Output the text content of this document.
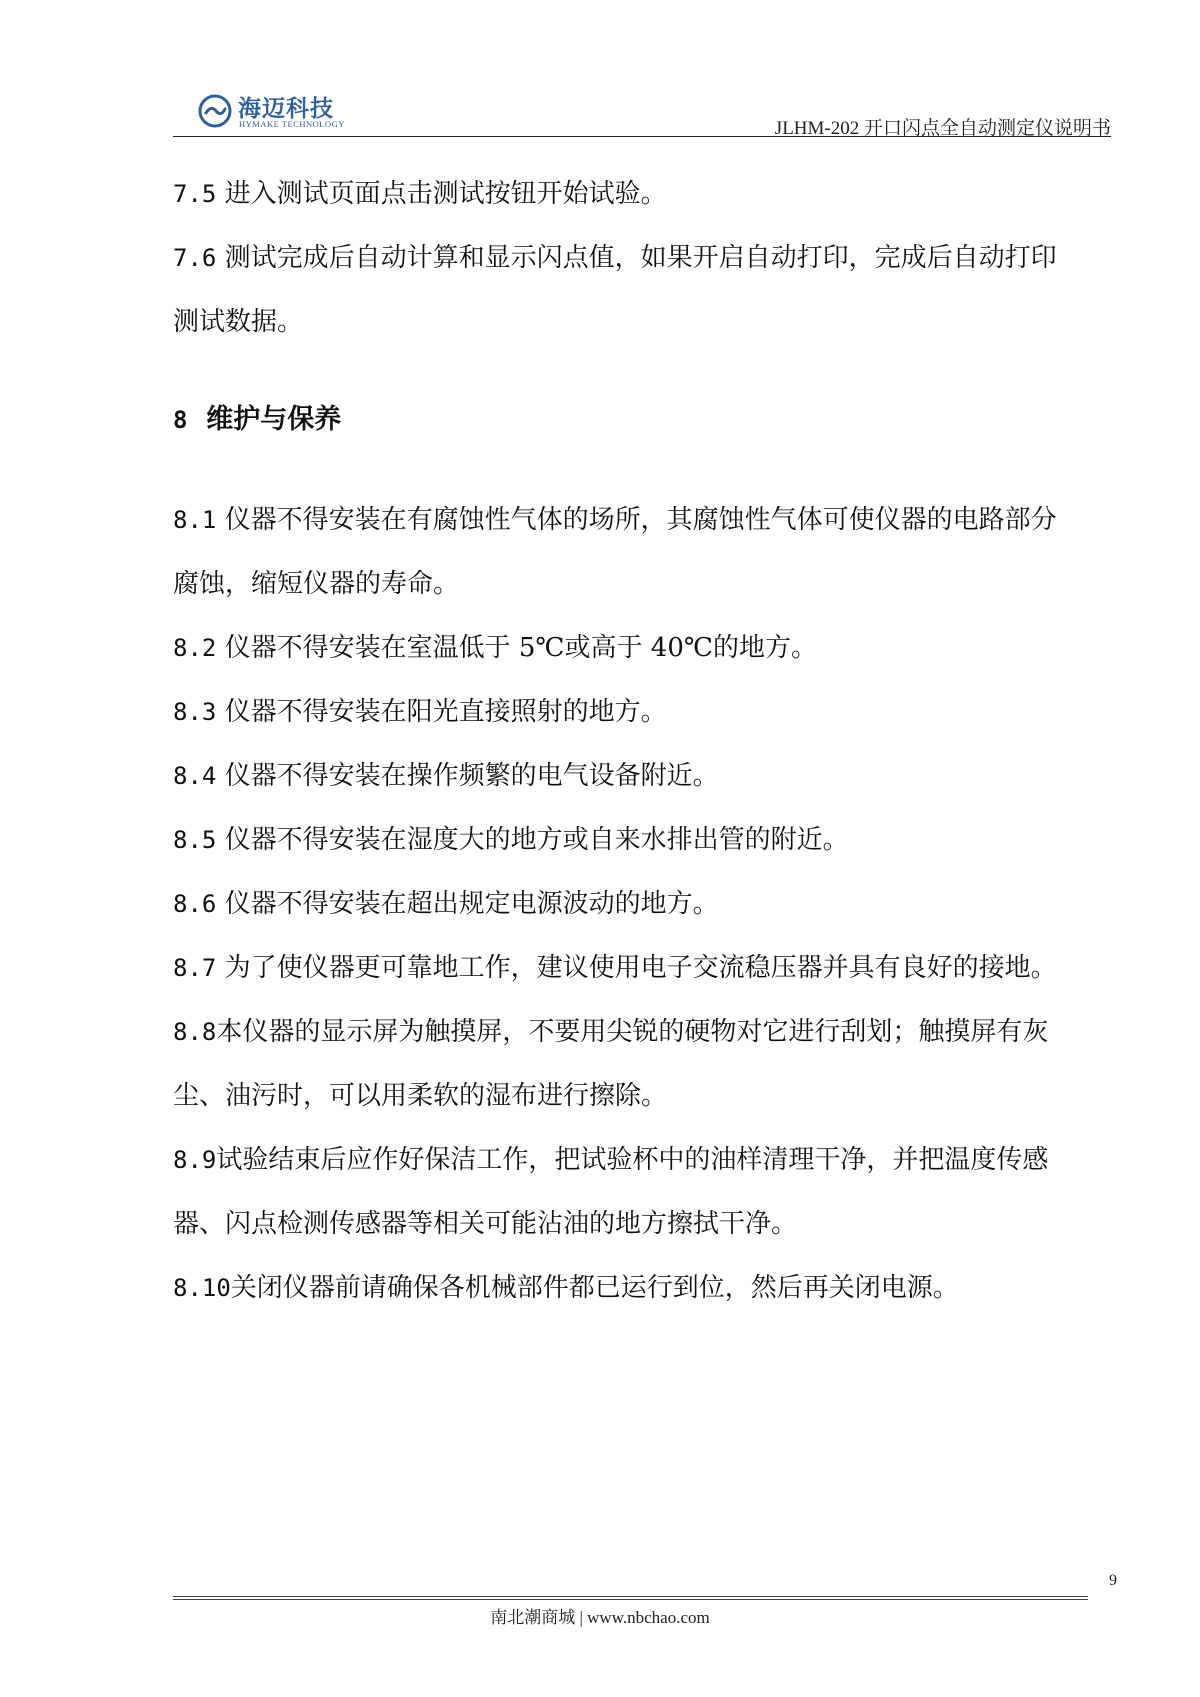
海迈科技
HYMAKE TECHNOLOGY	JLHM-202 开口闪点全自动测定仪说明书

7.5 进入测试页面点击测试按钮开始试验。

7.6 测试完成后自动计算和显示闪点值，如果开启自动打印，完成后自动打印

测试数据。

8 维护与保养

8.1 仪器不得安装在有腐蚀性气体的场所，其腐蚀性气体可使仪器的电路部分

腐蚀，缩短仪器的寿命。

8.2 仪器不得安装在室温低于 5℃或高于 40℃的地方。

8.3 仪器不得安装在阳光直接照射的地方。

8.4 仪器不得安装在操作频繁的电气设备附近。

8.5 仪器不得安装在湿度大的地方或自来水排出管的附近。

8.6 仪器不得安装在超出规定电源波动的地方。

8.7 为了使仪器更可靠地工作，建议使用电子交流稳压器并具有良好的接地。

8.8本仪器的显示屏为触摸屏，不要用尖锐的硬物对它进行刮划；触摸屏有灰

尘、油污时，可以用柔软的湿布进行擦除。

8.9试验结束后应作好保洁工作，把试验杯中的油样清理干净，并把温度传感

器、闪点检测传感器等相关可能沾油的地方擦拭干净。

8.10关闭仪器前请确保各机械部件都已运行到位，然后再关闭电源。

9
南北潮商城 | www.nbchao.com
